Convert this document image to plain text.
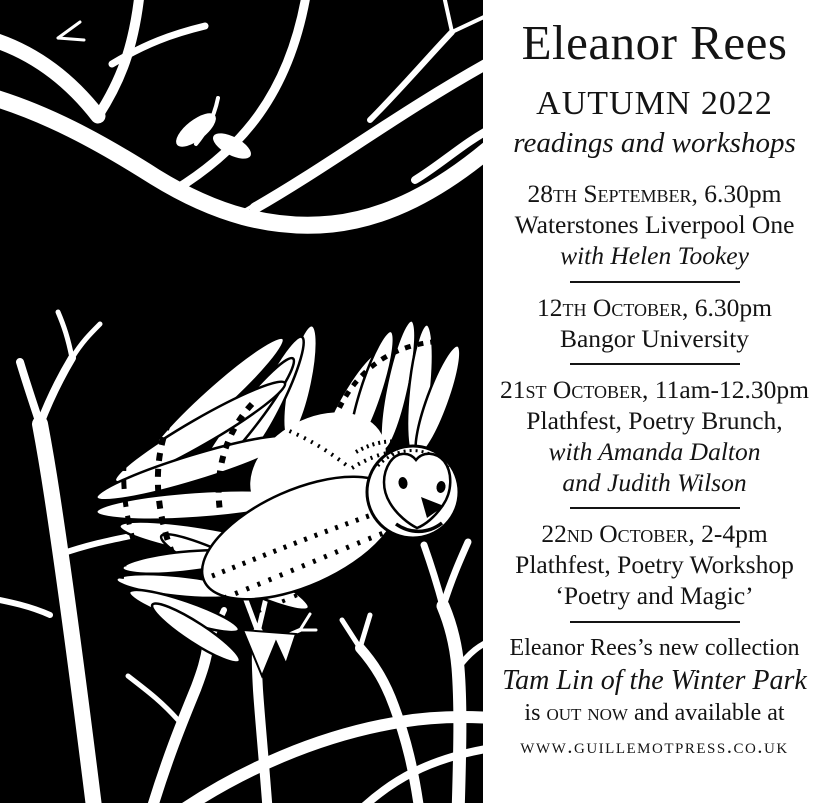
Eleanor Rees
AUTUMN 2022
readings and workshops
28th September, 6.30pm
Waterstones Liverpool One
with Helen Tookey
12th October, 6.30pm
Bangor University
21st October, 11am-12.30pm
Plathfest, Poetry Brunch,
with Amanda Dalton
and Judith Wilson
22nd October, 2-4pm
Plathfest, Poetry Workshop
‘Poetry and Magic’
Eleanor Rees’s new collection
Tam Lin of the Winter Park
is out now and available at
www.guillemotpress.co.uk
